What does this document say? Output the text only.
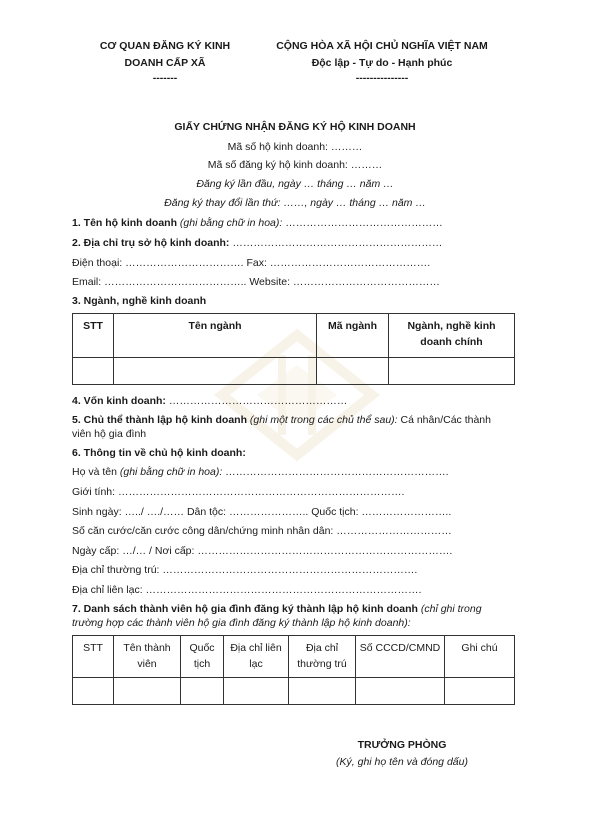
CƠ QUAN ĐĂNG KÝ KINH
DOANH CẤP XÃ
-------
CỘNG HÒA XÃ HỘI CHỦ NGHĨA VIỆT NAM
Độc lập - Tự do - Hạnh phúc
---------------
GIẤY CHỨNG NHẬN ĐĂNG KÝ HỘ KINH DOANH
Mã số hộ kinh doanh: ………
Mã số đăng ký hộ kinh doanh: ………
Đăng ký lần đầu, ngày … tháng … năm …
Đăng ký thay đổi lần thứ: ……, ngày … tháng … năm …
1. Tên hộ kinh doanh (ghi bằng chữ in hoa): ………………………………………
2. Địa chỉ trụ sở hộ kinh doanh: ……………………………………………………
Điện thoại: ……………………………. Fax: ……………………………………….
Email: ………………………………….. Website: ……………………………………
3. Ngành, nghề kinh doanh
STT	Tên ngành	Mã ngành	Ngành, nghề kinh doanh chính

4. Vốn kinh doanh: ……………………………………………
5. Chủ thể thành lập hộ kinh doanh (ghi một trong các chủ thể sau): Cá nhân/Các thành
viên hộ gia đình
6. Thông tin về chủ hộ kinh doanh:
Họ và tên (ghi bằng chữ in hoa): ……………………………………………………….
Giới tính: ……………………………………………………………………….
Sinh ngày: …../ …./…… Dân tộc: ………………….. Quốc tịch: ……………………..
Số căn cước/căn cước công dân/chứng minh nhân dân: ……………………………
Ngày cấp: …/… / Nơi cấp: ……………………………………………………………….
Địa chỉ thường trú: ……………………………………………………………….
Địa chỉ liên lạc: …………………………………………………………………….
7. Danh sách thành viên hộ gia đình đăng ký thành lập hộ kinh doanh (chỉ ghi trong
trường hợp các thành viên hộ gia đình đăng ký thành lập hộ kinh doanh):
STT	Tên thành viên	Quốc tịch	Địa chỉ liên lạc	Địa chỉ thường trú	Số CCCD/CMND	Ghi chú

TRƯỞNG PHÒNG
(Ký, ghi họ tên và đóng dấu)
